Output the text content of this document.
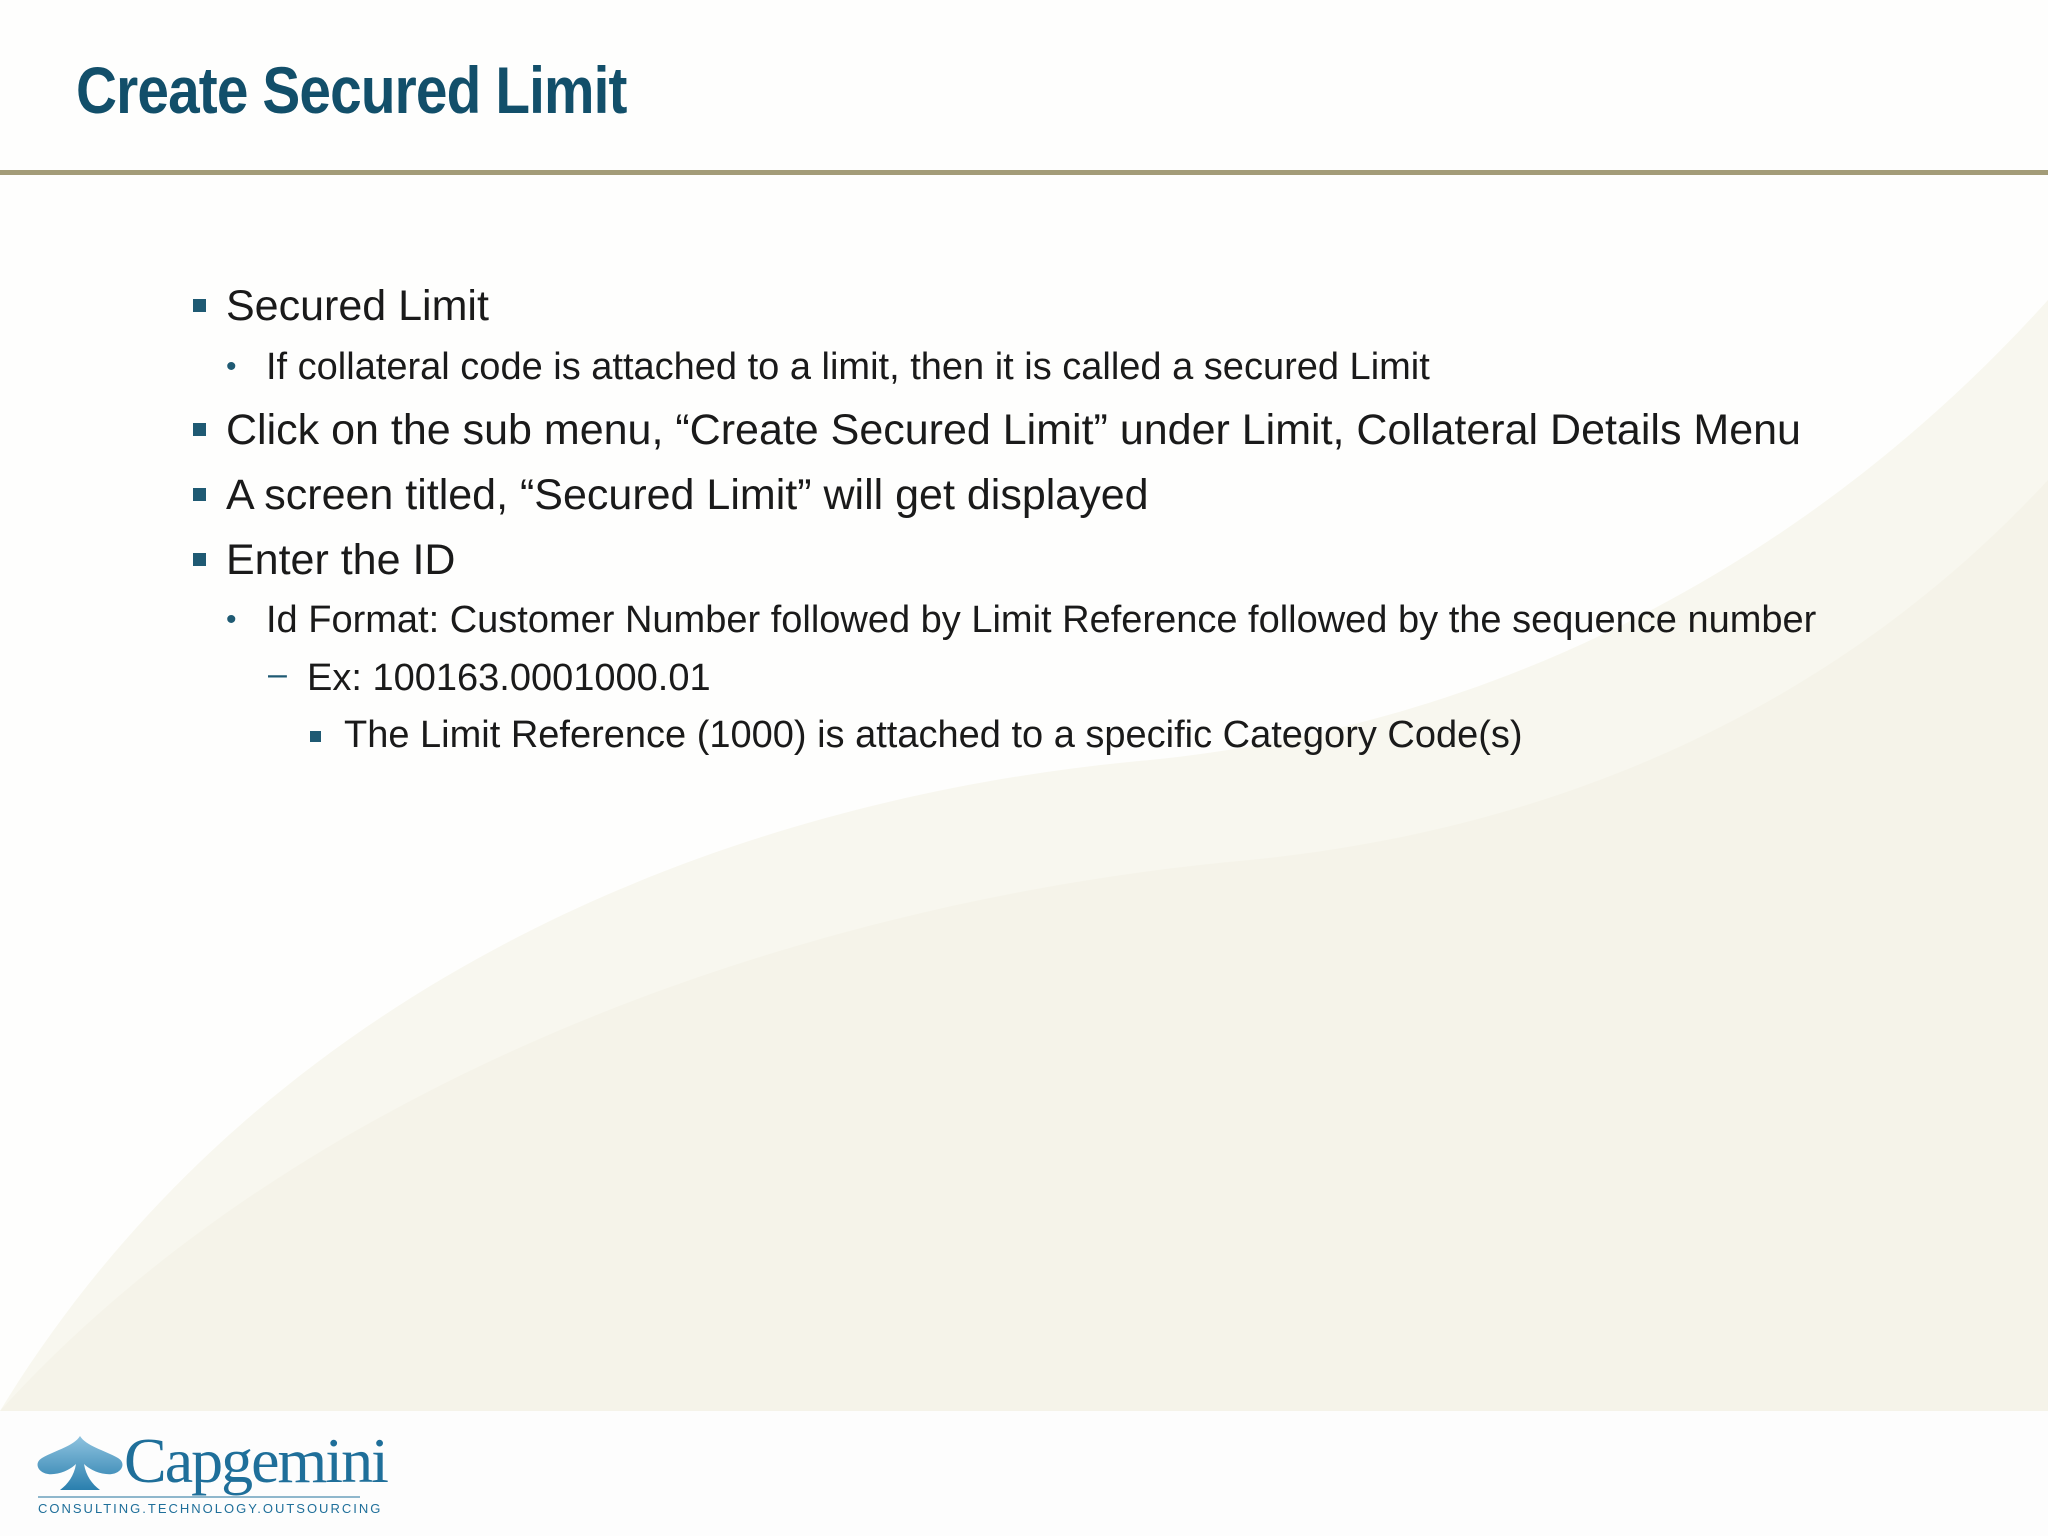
Create Secured Limit
Secured Limit
• If collateral code is attached to a limit, then it is called a secured Limit
Click on the sub menu, “Create Secured Limit” under Limit, Collateral Details Menu
A screen titled, “Secured Limit” will get displayed
Enter the ID
• Id Format: Customer Number followed by Limit Reference followed by the sequence number
– Ex: 100163.0001000.01
The Limit Reference (1000) is attached to a specific Category Code(s)
Capgemini
CONSULTING.TECHNOLOGY.OUTSOURCING
